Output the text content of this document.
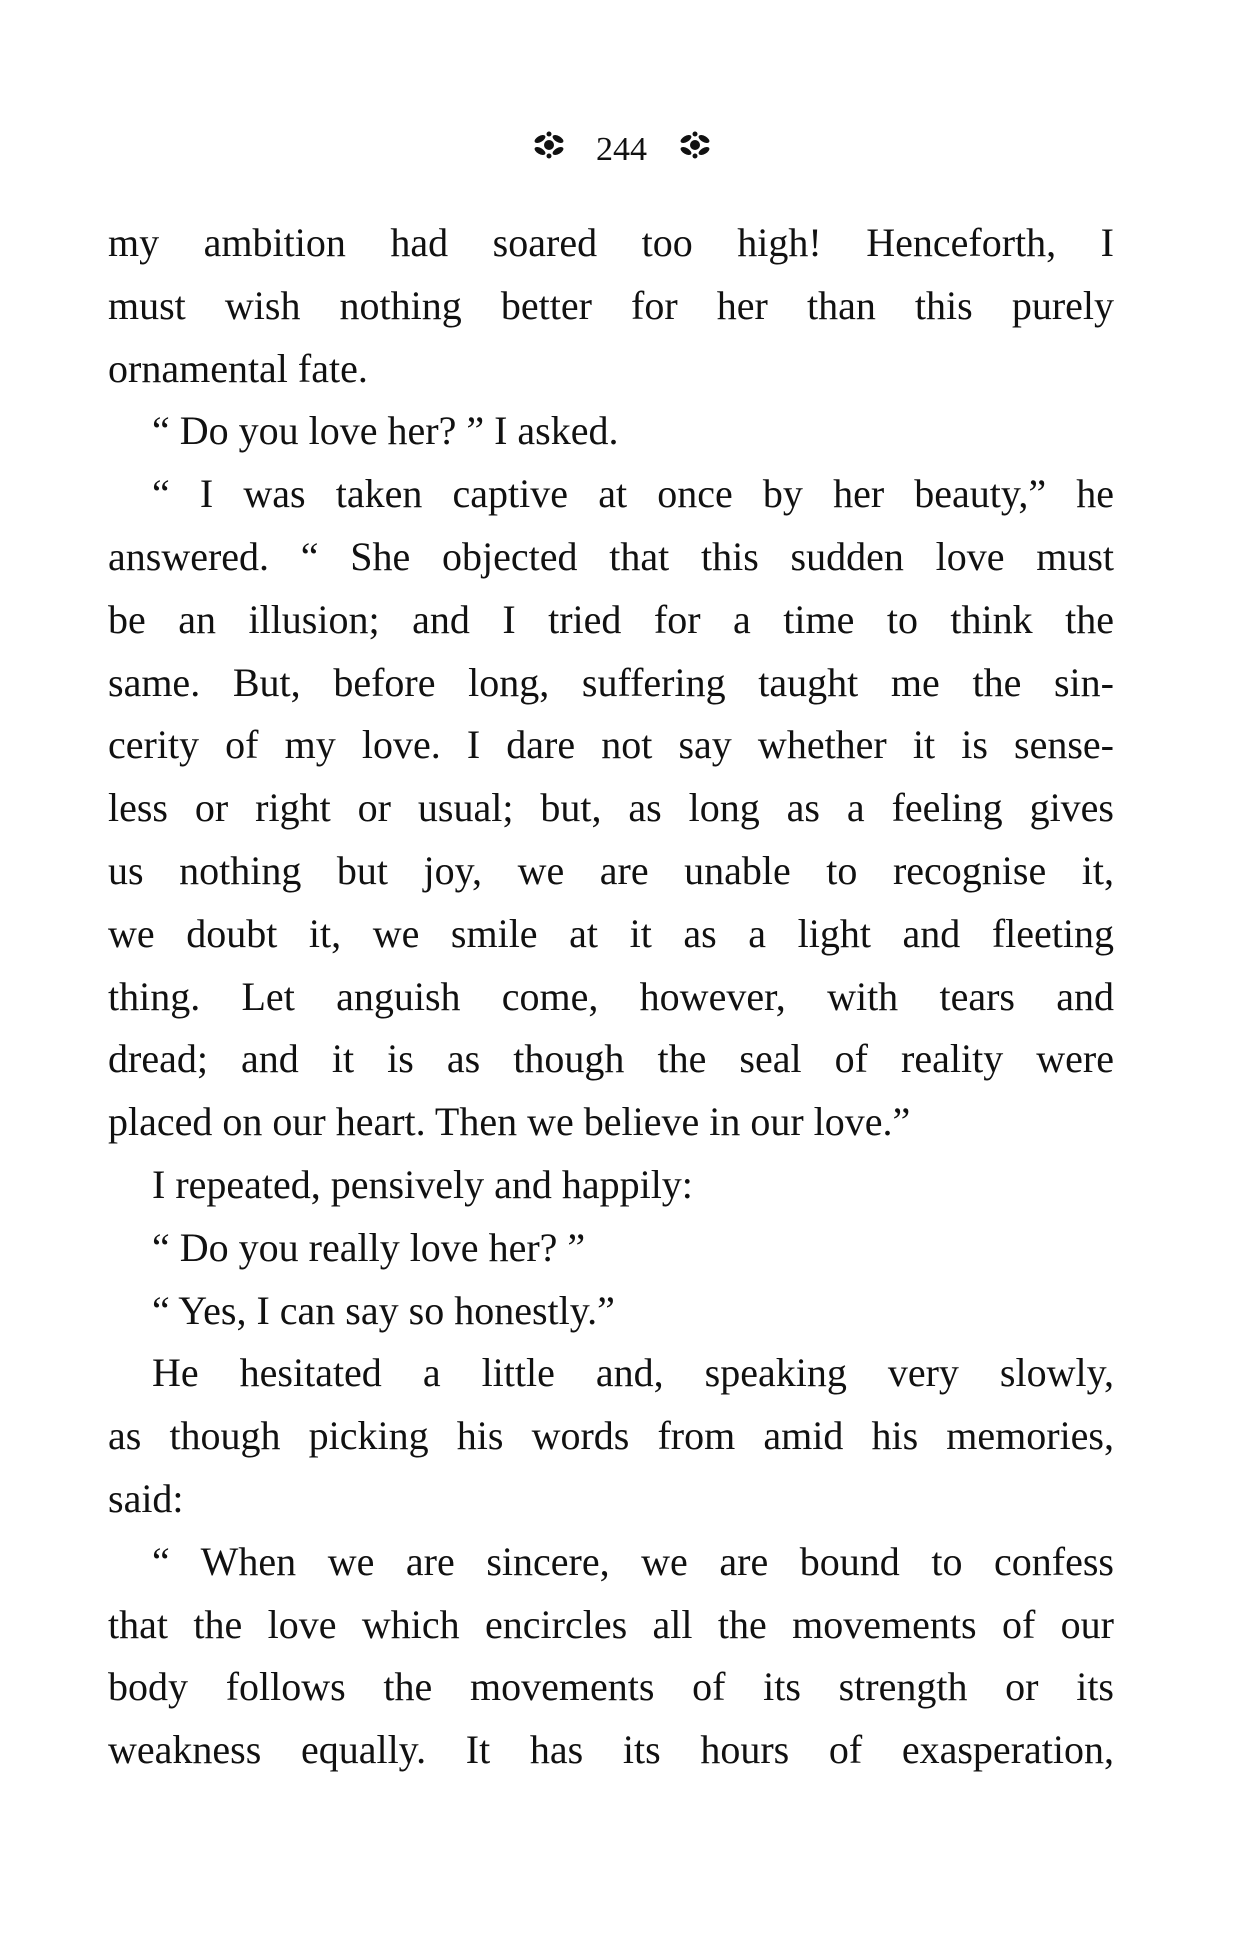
244
my ambition had soared too high! Henceforth, I
must wish nothing better for her than this purely
ornamental fate.
“ Do you love her? ” I asked.
“ I was taken captive at once by her beauty,” he
answered. “ She objected that this sudden love must
be an illusion; and I tried for a time to think the
same. But, before long, suffering taught me the sin-
cerity of my love. I dare not say whether it is sense-
less or right or usual; but, as long as a feeling gives
us nothing but joy, we are unable to recognise it,
we doubt it, we smile at it as a light and fleeting
thing. Let anguish come, however, with tears and
dread; and it is as though the seal of reality were
placed on our heart. Then we believe in our love.”
I repeated, pensively and happily:
“ Do you really love her? ”
“ Yes, I can say so honestly.”
He hesitated a little and, speaking very slowly,
as though picking his words from amid his memories,
said:
“ When we are sincere, we are bound to confess
that the love which encircles all the movements of our
body follows the movements of its strength or its
weakness equally. It has its hours of exasperation,
